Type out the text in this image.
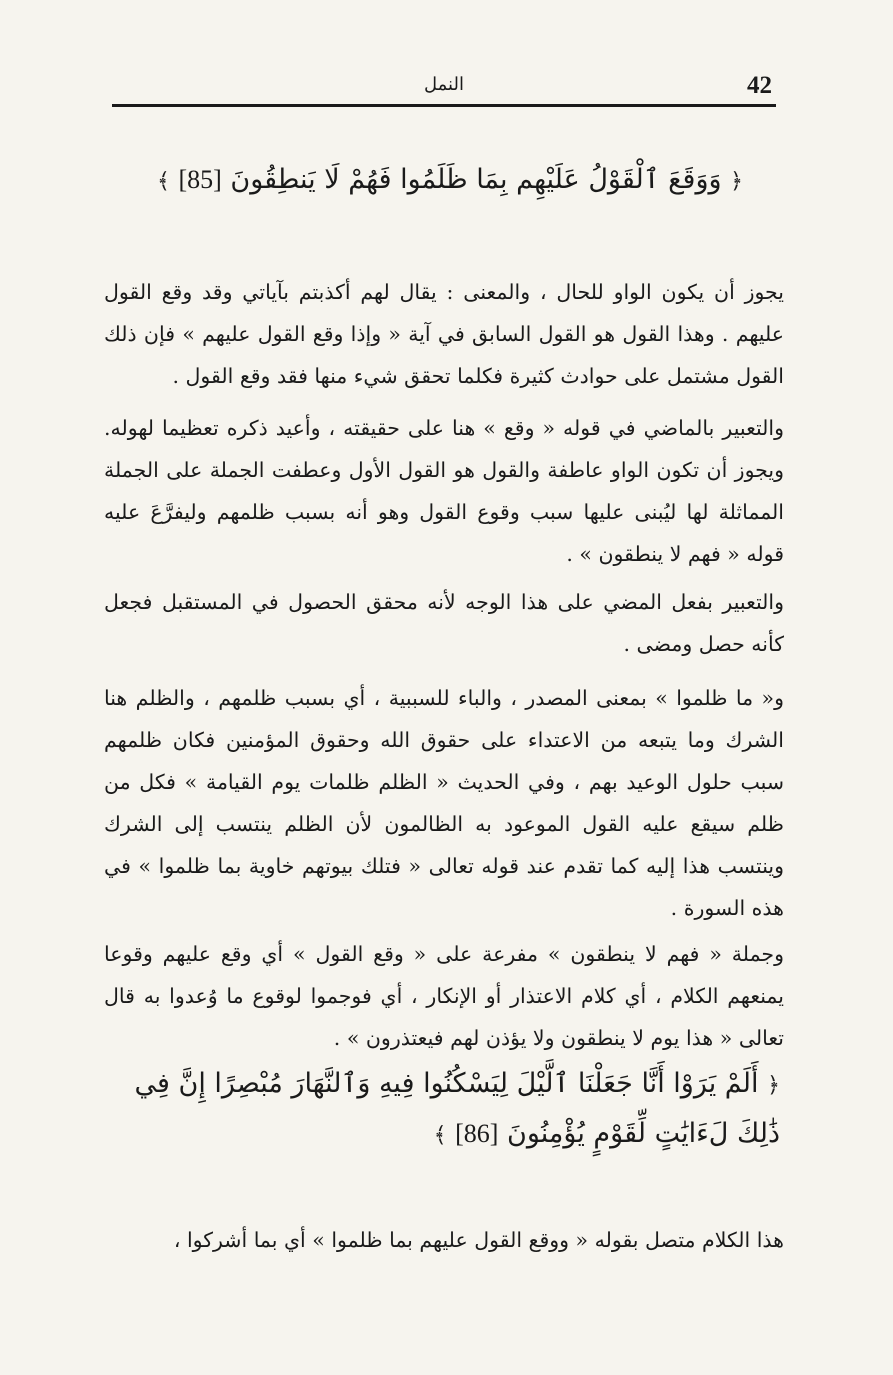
42
النمل
﴿ وَوَقَعَ ٱلْقَوْلُ عَلَيْهِم بِمَا ظَلَمُوا فَهُمْ لَا يَنطِقُونَ [85] ﴾

يجوز أن يكون الواو للحال ، والمعنى : يقال لهم أكذبتم بآياتي وقد وقع القول عليهم . وهذا القول هو القول السابق في آية « وإذا وقع القول عليهم » فإن ذلك القول مشتمل على حوادث كثيرة فكلما تحقق شيء منها فقد وقع القول .

والتعبير بالماضي في قوله « وقع » هنا على حقيقته ، وأعيد ذكره تعظيما لهوله. ويجوز أن تكون الواو عاطفة والقول هو القول الأول وعطفت الجملة على الجملة المماثلة لها ليُبنى عليها سبب وقوع القول وهو أنه بسبب ظلمهم وليفرَّعَ عليه قوله « فهم لا ينطقون » .

والتعبير بفعل المضي على هذا الوجه لأنه محقق الحصول في المستقبل فجعل كأنه حصل ومضى .

و« ما ظلموا » بمعنى المصدر ، والباء للسببية ، أي بسبب ظلمهم ، والظلم هنا الشرك وما يتبعه من الاعتداء على حقوق الله وحقوق المؤمنين فكان ظلمهم سبب حلول الوعيد بهم ، وفي الحديث « الظلم ظلمات يوم القيامة » فكل من ظلم سيقع عليه القول الموعود به الظالمون لأن الظلم ينتسب إلى الشرك وينتسب هذا إليه كما تقدم عند قوله تعالى « فتلك بيوتهم خاوية بما ظلموا » في هذه السورة .

وجملة « فهم لا ينطقون » مفرعة على « وقع القول » أي وقع عليهم وقوعا يمنعهم الكلام ، أي كلام الاعتذار أو الإنكار ، أي فوجموا لوقوع ما وُعدوا به قال تعالى « هذا يوم لا ينطقون ولا يؤذن لهم فيعتذرون » .

﴿ أَلَمْ يَرَوْا أَنَّا جَعَلْنَا ٱلَّيْلَ لِيَسْكُنُوا فِيهِ وَٱلنَّهَارَ مُبْصِرًا إِنَّ فِي ذَٰلِكَ لَءَايَٰتٍ لِّقَوْمٍ يُؤْمِنُونَ [86] ﴾

هذا الكلام متصل بقوله « ووقع القول عليهم بما ظلموا » أي بما أشركوا ،
